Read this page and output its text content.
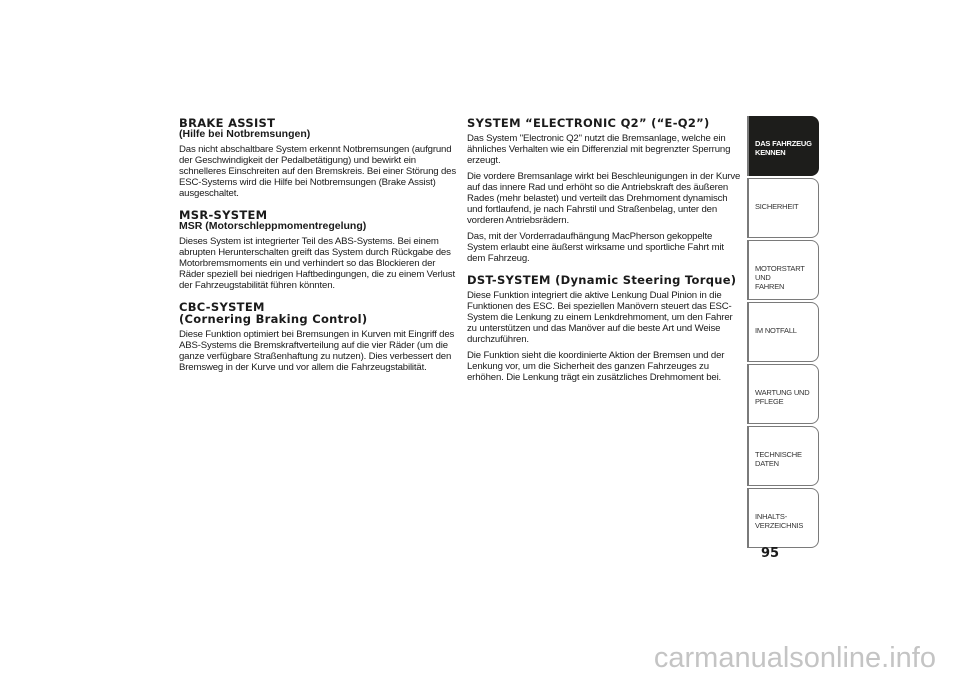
BRAKE ASSIST
(Hilfe bei Notbremsungen)

Das nicht abschaltbare System erkennt Notbremsungen (aufgrund der Geschwindigkeit der Pedalbetätigung) und bewirkt ein schnelleres Einschreiten auf den Bremskreis. Bei einer Störung des ESC-Systems wird die Hilfe bei Notbremsungen (Brake Assist) ausgeschaltet.

MSR-SYSTEM
MSR (Motorschleppmomentregelung)

Dieses System ist integrierter Teil des ABS-Systems. Bei einem abrupten Herunterschalten greift das System durch Rückgabe des Motorbremsmoments ein und verhindert so das Blockieren der Räder speziell bei niedrigen Haftbedingungen, die zu einem Verlust der Fahrzeugstabilität führen könnten.

CBC-SYSTEM
(Cornering Braking Control)

Diese Funktion optimiert bei Bremsungen in Kurven mit Eingriff des ABS-Systems die Bremskraftverteilung auf die vier Räder (um die ganze verfügbare Straßenhaftung zu nutzen). Dies verbessert den Bremsweg in der Kurve und vor allem die Fahrzeugstabilität.

SYSTEM “ELECTRONIC Q2” (“E-Q2”)

Das System "Electronic Q2" nutzt die Bremsanlage, welche ein ähnliches Verhalten wie ein Differenzial mit begrenzter Sperrung erzeugt.

Die vordere Bremsanlage wirkt bei Beschleunigungen in der Kurve auf das innere Rad und erhöht so die Antriebskraft des äußeren Rades (mehr belastet) und verteilt das Drehmoment dynamisch und fortlaufend, je nach Fahrstil und Straßenbelag, unter den vorderen Antriebsrädern.

Das, mit der Vorderradaufhängung MacPherson gekoppelte System erlaubt eine äußerst wirksame und sportliche Fahrt mit dem Fahrzeug.

DST-SYSTEM (Dynamic Steering Torque)

Diese Funktion integriert die aktive Lenkung Dual Pinion in die Funktionen des ESC. Bei speziellen Manövern steuert das ESC-System die Lenkung zu einem Lenkdrehmoment, um den Fahrer zu unterstützen und das Manöver auf die beste Art und Weise durchzuführen.

Die Funktion sieht die koordinierte Aktion der Bremsen und der Lenkung vor, um die Sicherheit des ganzen Fahrzeuges zu erhöhen. Die Lenkung trägt ein zusätzliches Drehmoment bei.

DAS FAHRZEUG
KENNEN
SICHERHEIT
MOTORSTART UND
FAHREN
IM NOTFALL
WARTUNG UND
PFLEGE
TECHNISCHE DATEN
INHALTS-
VERZEICHNIS
95
carmanualsonline.info
